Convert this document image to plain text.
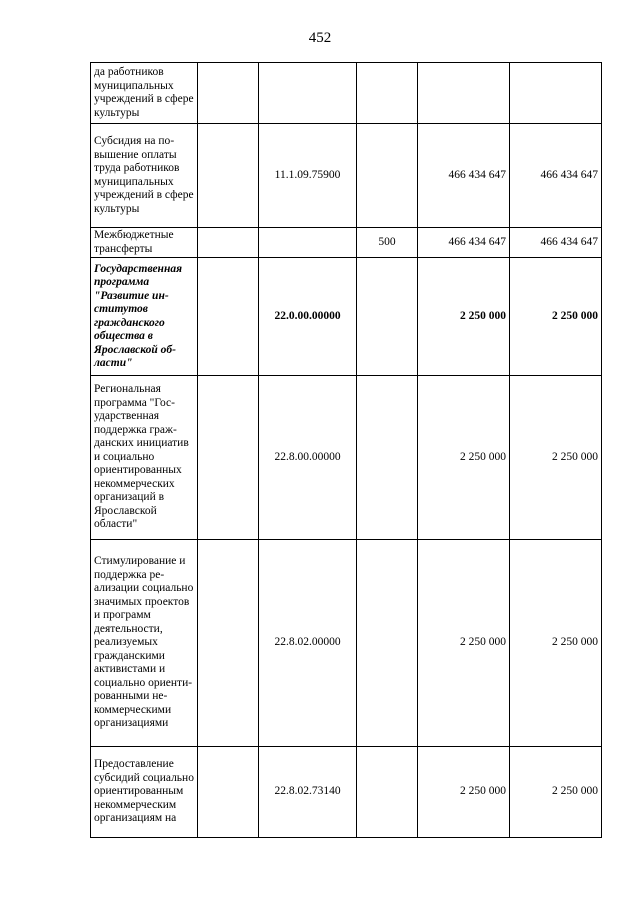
452
да работников муниципальных учреждений в сфере культуры					
Субсидия на повышение оплаты труда работников муниципальных учреждений в сфере культуры		11.1.09.75900		466 434 647	466 434 647
Межбюджетные трансферты			500	466 434 647	466 434 647
Государственная программа "Развитие институтов гражданского общества в Ярославской области"		22.0.00.00000		2 250 000	2 250 000
Региональная программа "Государственная поддержка гражданских инициатив и социально ориентированных некоммерческих организаций в Ярославской области"		22.8.00.00000		2 250 000	2 250 000
Стимулирование и поддержка реализации социально значимых проектов и программ деятельности, реализуемых гражданскими активистами и социально ориентированными некоммерческими организациями		22.8.02.00000		2 250 000	2 250 000
Предоставление субсидий социально ориентированным некоммерческим организациям на		22.8.02.73140		2 250 000	2 250 000
